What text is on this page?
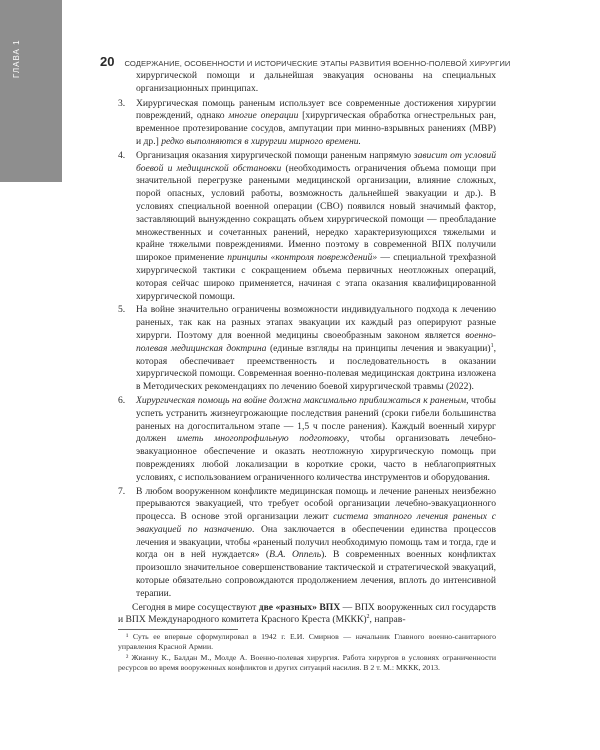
ГЛАВА 1	20 СОДЕРЖАНИЕ, ОСОБЕННОСТИ И ИСТОРИЧЕСКИЕ ЭТАПЫ РАЗВИТИЯ ВОЕННО-ПОЛЕВОЙ ХИРУРГИИ

хирургической помощи и дальнейшая эвакуация основаны на специальных организационных принципах.

3. Хирургическая помощь раненым использует все современные достижения хирургии повреждений, однако многие операции [хирургическая обработка огнестрельных ран, временное протезирование сосудов, ампутации при минно-взрывных ранениях (МВР) и др.] редко выполняются в хирургии мирного времени.
4. Организация оказания хирургической помощи раненым напрямую зависит от условий боевой и медицинской обстановки (необходимость ограничения объема помощи при значительной перегрузке ранеными медицинской организации, влияние сложных, порой опасных, условий работы, возможность дальнейшей эвакуации и др.). В условиях специальной военной операции (СВО) появился новый значимый фактор, заставляющий вынужденно сокращать объем хирургической помощи — преобладание множественных и сочетанных ранений, нередко характеризующихся тяжелыми и крайне тяжелыми повреждениями. Именно поэтому в современной ВПХ получили широкое применение принципы «контроля повреждений» — специальной трехфазной хирургической тактики с сокращением объема первичных неотложных операций, которая сейчас широко применяется, начиная с этапа оказания квалифицированной хирургической помощи.
5. На войне значительно ограничены возможности индивидуального подхода к лечению раненых, так как на разных этапах эвакуации их каждый раз оперируют разные хирурги. Поэтому для военной медицины своеобразным законом является военно-полевая медицинская доктрина (единые взгляды на принципы лечения и эвакуации)$^1$, которая обеспечивает преемственность и последовательность в оказании хирургической помощи. Современная военно-полевая медицинская доктрина изложена в Методических рекомендациях по лечению боевой хирургической травмы (2022).
6. Хирургическая помощь на войне должна максимально приближаться к раненым, чтобы успеть устранить жизнеугрожающие последствия ранений (сроки гибели большинства раненых на догоспитальном этапе — 1,5 ч после ранения). Каждый военный хирург должен иметь многопрофильную подготовку, чтобы организовать лечебно-эвакуационное обеспечение и оказать неотложную хирургическую помощь при повреждениях любой локализации в короткие сроки, часто в неблагоприятных условиях, с использованием ограниченного количества инструментов и оборудования.
7. В любом вооруженном конфликте медицинская помощь и лечение раненых неизбежно прерываются эвакуацией, что требует особой организации лечебно-эвакуационного процесса. В основе этой организации лежит система этапного лечения раненых с эвакуацией по назначению. Она заключается в обеспечении единства процессов лечения и эвакуации, чтобы «раненый получил необходимую помощь там и тогда, где и когда он в ней нуждается» (В.А. Оппель). В современных военных конфликтах произошло значительное совершенствование тактической и стратегической эвакуаций, которые обязательно сопровождаются продолжением лечения, вплоть до интенсивной терапии.

Сегодня в мире сосуществуют две «разных» ВПХ — ВПХ вооруженных сил государств и ВПХ Международного комитета Красного Креста (МККК)$^2$, направ-

¹ Суть ее впервые сформулировал в 1942 г. Е.И. Смирнов — начальник Главного военно-санитарного управления Красной Армии.

² Жианну К., Балдан М., Молде А. Военно-полевая хирургия. Работа хирургов в условиях ограниченности ресурсов во время вооруженных конфликтов и других ситуаций насилия. В 2 т. М.: МККК, 2013.
